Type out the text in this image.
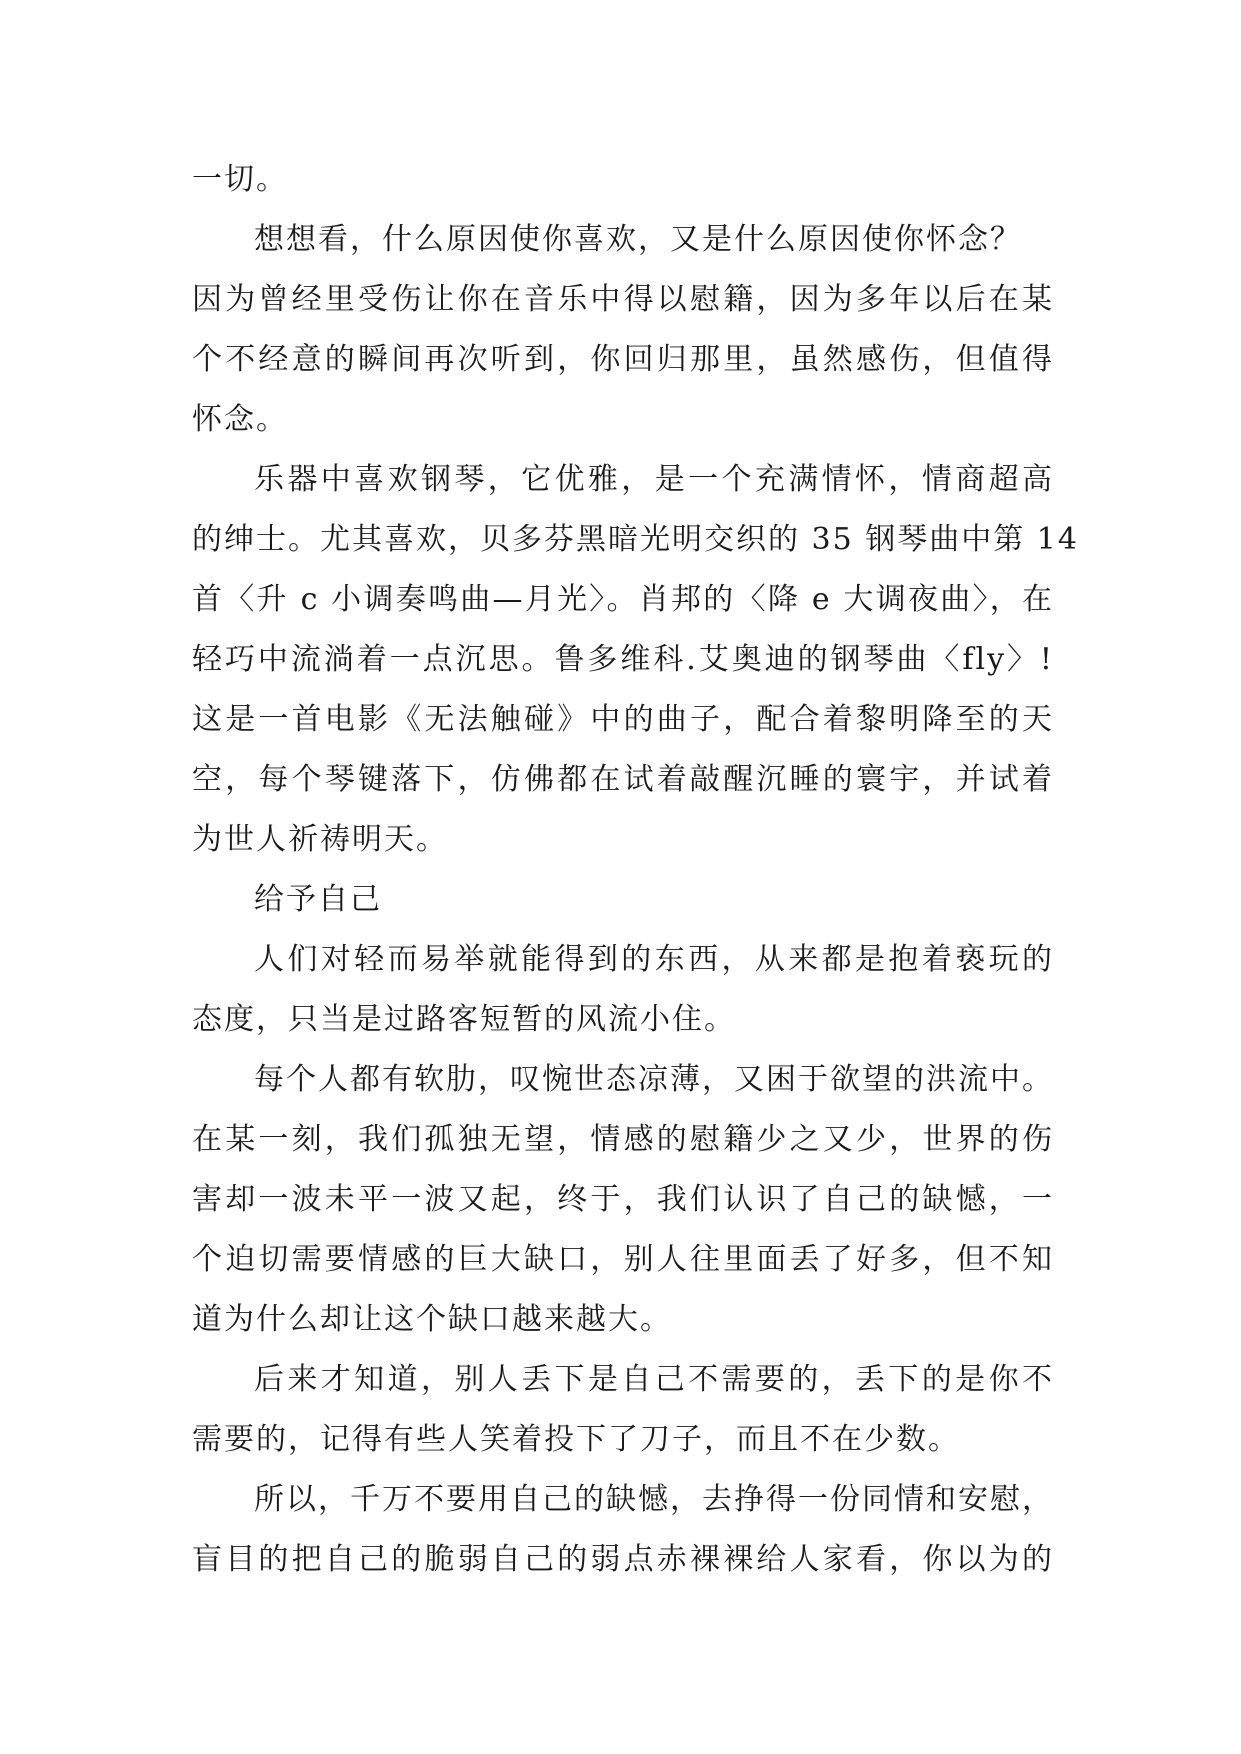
一切。
想想看，什么原因使你喜欢，又是什么原因使你怀念？
因为曾经里受伤让你在音乐中得以慰籍，因为多年以后在某
个不经意的瞬间再次听到，你回归那里，虽然感伤，但值得
怀念。
乐器中喜欢钢琴，它优雅，是一个充满情怀，情商超高
的绅士。尤其喜欢，贝多芬黑暗光明交织的 35 钢琴曲中第 14
首〈升 c 小调奏鸣曲—月光〉。肖邦的〈降 e 大调夜曲〉，在
轻巧中流淌着一点沉思。鲁多维科.艾奥迪的钢琴曲〈fly〉!
这是一首电影《无法触碰》中的曲子，配合着黎明降至的天
空，每个琴键落下，仿佛都在试着敲醒沉睡的寰宇，并试着
为世人祈祷明天。
给予自己
人们对轻而易举就能得到的东西，从来都是抱着亵玩的
态度，只当是过路客短暂的风流小住。
每个人都有软肋，叹惋世态凉薄，又困于欲望的洪流中。
在某一刻，我们孤独无望，情感的慰籍少之又少，世界的伤
害却一波未平一波又起，终于，我们认识了自己的缺憾，一
个迫切需要情感的巨大缺口，别人往里面丢了好多，但不知
道为什么却让这个缺口越来越大。
后来才知道，别人丢下是自己不需要的，丢下的是你不
需要的，记得有些人笑着投下了刀子，而且不在少数。
所以，千万不要用自己的缺憾，去挣得一份同情和安慰，
盲目的把自己的脆弱自己的弱点赤裸裸给人家看，你以为的
